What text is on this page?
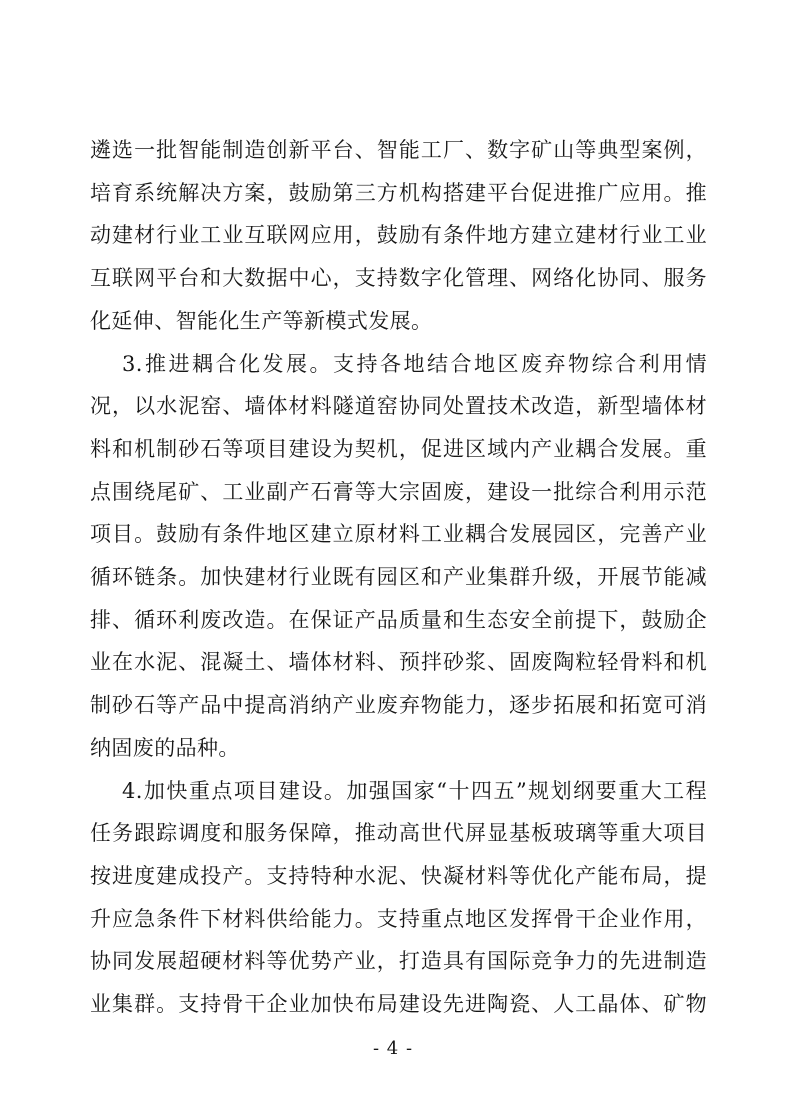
遴选一批智能制造创新平台、智能工厂、数字矿山等典型案例，
培育系统解决方案，鼓励第三方机构搭建平台促进推广应用。推
动建材行业工业互联网应用，鼓励有条件地方建立建材行业工业
互联网平台和大数据中心，支持数字化管理、网络化协同、服务
化延伸、智能化生产等新模式发展。
3.推进耦合化发展。支持各地结合地区废弃物综合利用情
况，以水泥窑、墙体材料隧道窑协同处置技术改造，新型墙体材
料和机制砂石等项目建设为契机，促进区域内产业耦合发展。重
点围绕尾矿、工业副产石膏等大宗固废，建设一批综合利用示范
项目。鼓励有条件地区建立原材料工业耦合发展园区，完善产业
循环链条。加快建材行业既有园区和产业集群升级，开展节能减
排、循环利废改造。在保证产品质量和生态安全前提下，鼓励企
业在水泥、混凝土、墙体材料、预拌砂浆、固废陶粒轻骨料和机
制砂石等产品中提高消纳产业废弃物能力，逐步拓展和拓宽可消
纳固废的品种。
4.加快重点项目建设。加强国家“十四五”规划纲要重大工程
任务跟踪调度和服务保障，推动高世代屏显基板玻璃等重大项目
按进度建成投产。支持特种水泥、快凝材料等优化产能布局，提
升应急条件下材料供给能力。支持重点地区发挥骨干企业作用，
协同发展超硬材料等优势产业，打造具有国际竞争力的先进制造
业集群。支持骨干企业加快布局建设先进陶瓷、人工晶体、矿物
- 4 -
